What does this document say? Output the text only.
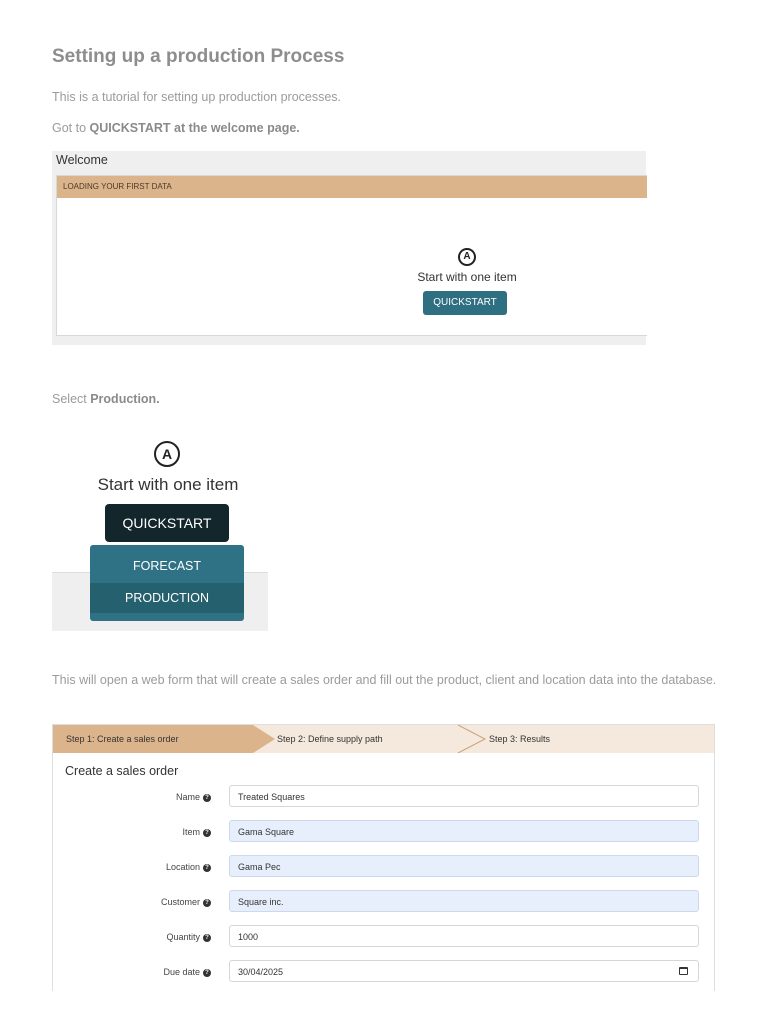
Setting up a production Process
This is a tutorial for setting up production processes.
Got to QUICKSTART at the welcome page.
Welcome
LOADING YOUR FIRST DATA
A
Start with one item
QUICKSTART
Select Production.
A
Start with one item
QUICKSTART
FORECAST
PRODUCTION
This will open a web form that will create a sales order and fill out the product, client and location data into the database.
Step 1: Create a sales order	Step 2: Define supply path	Step 3: Results
Create a sales order
Name ?	Treated Squares
Item ?	Gama Square
Location ?	Gama Pec
Customer ?	Square inc.
Quantity ?	1000
Due date ?	30/04/2025
